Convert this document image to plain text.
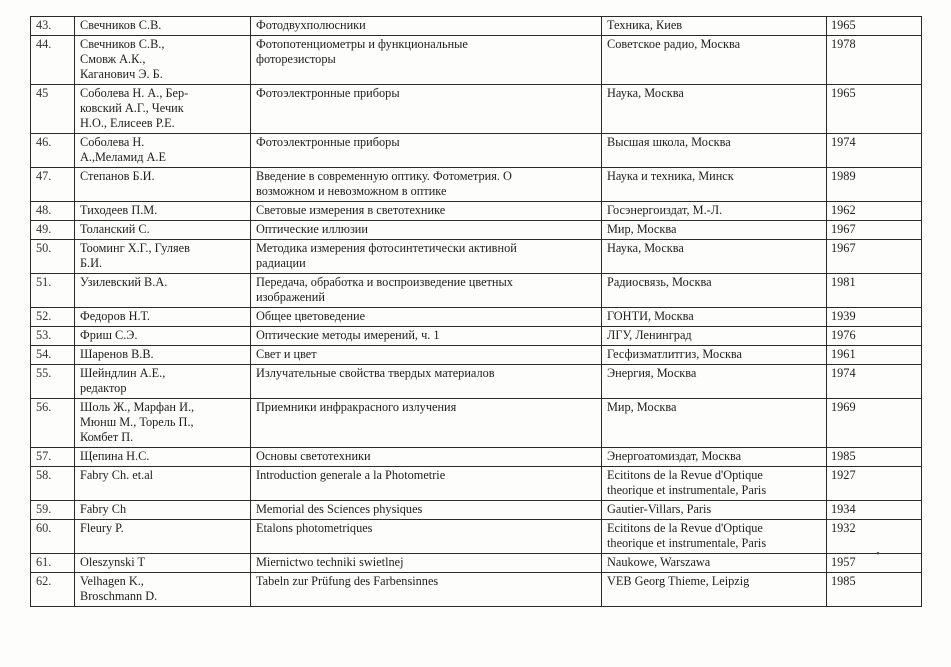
43.	Свечников С.В.	Фотодвухполюсники	Техника, Киев	1965
44.	Свечников С.В.,
Смовж А.К.,
Каганович Э. Б.	Фотопотенциометры и функциональные
фоторезисторы	Советское радио, Москва	1978
45	Соболева Н. А., Бер-
ковский А.Г., Чечик
Н.О., Елисеев Р.Е.	Фотоэлектронные приборы	Наука, Москва	1965
46.	Соболева Н.
А.,Меламид А.Е	Фотоэлектронные приборы	Высшая школа, Москва	1974
47.	Степанов Б.И.	Введение в современную оптику. Фотометрия. О
возможном и невозможном в оптике	Наука и техника, Минск	1989
48.	Тиходеев П.М.	Световые измерения в светотехнике	Госэнергоиздат, М.-Л.	1962
49.	Толанский С.	Оптические иллюзии	Мир, Москва	1967
50.	Тооминг Х.Г., Гуляев
Б.И.	Методика измерения фотосинтетически активной
радиации	Наука, Москва	1967
51.	Узилевский В.А.	Передача, обработка и воспроизведение цветных
изображений	Радиосвязь, Москва	1981
52.	Федоров Н.Т.	Общее цветоведение	ГОНТИ, Москва	1939
53.	Фриш С.Э.	Оптические методы имерений, ч. 1	ЛГУ, Ленинград	1976
54.	Шаренов В.В.	Свет и цвет	Гесфизматлитгиз, Москва	1961
55.	Шейндлин А.Е.,
редактор	Излучательные свойства твердых материалов	Энергия, Москва	1974
56.	Шоль Ж., Марфан И.,
Мюнш М., Торель П.,
Комбет П.	Приемники инфракрасного излучения	Мир, Москва	1969
57.	Щепина Н.С.	Основы светотехники	Энергоатомиздат, Москва	1985
58.	Fabry Ch. et.al	Introduction generale a la Photometrie	Ecititons de la Revue d'Optique
theorique et instrumentale, Paris	1927
59.	Fabry Ch	Memorial des Sciences physiques	Gautier-Villars, Paris	1934
60.	Fleury P.	Etalons photometriques	Ecititons de la Revue d'Optique
theorique et instrumentale, Paris	1932
61.	Oleszynski T	Miernictwo techniki swietlnej	Naukowe, Warszawa	1957
62.	Velhagen K.,
Broschmann D.	Tabeln zur Prüfung des Farbensinnes	VEB Georg Thieme, Leipzig	1985
•
